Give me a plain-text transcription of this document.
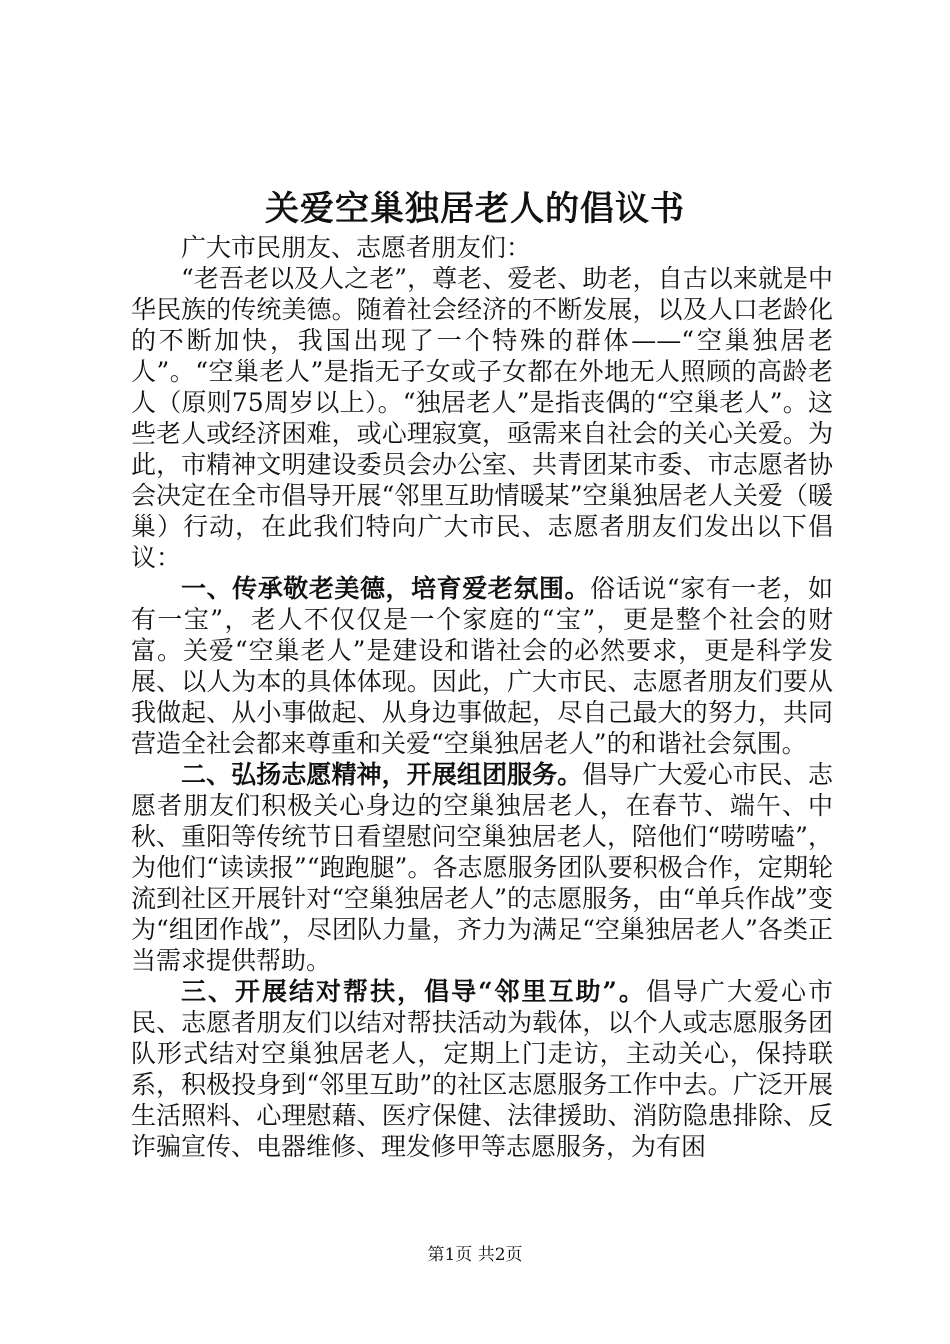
关爱空巢独居老人的倡议书

广大市民朋友、志愿者朋友们：

“老吾老以及人之老”，尊老、爱老、助老，自古以来就是中华民族的传统美德。随着社会经济的不断发展，以及人口老龄化的不断加快，我国出现了一个特殊的群体——“空巢独居老人”。“空巢老人”是指无子女或子女都在外地无人照顾的高龄老人（原则75周岁以上）。“独居老人”是指丧偶的“空巢老人”。这些老人或经济困难，或心理寂寞，亟需来自社会的关心关爱。为此，市精神文明建设委员会办公室、共青团某市委、市志愿者协会决定在全市倡导开展“邻里互助情暖某”空巢独居老人关爱（暖巢）行动，在此我们特向广大市民、志愿者朋友们发出以下倡议：

一、传承敬老美德，培育爱老氛围。俗话说“家有一老，如有一宝”，老人不仅仅是一个家庭的“宝”，更是整个社会的财富。关爱“空巢老人”是建设和谐社会的必然要求，更是科学发展、以人为本的具体体现。因此，广大市民、志愿者朋友们要从我做起、从小事做起、从身边事做起，尽自己最大的努力，共同营造全社会都来尊重和关爱“空巢独居老人”的和谐社会氛围。

二、弘扬志愿精神，开展组团服务。倡导广大爱心市民、志愿者朋友们积极关心身边的空巢独居老人，在春节、端午、中秋、重阳等传统节日看望慰问空巢独居老人，陪他们“唠唠嗑”，为他们“读读报”“跑跑腿”。各志愿服务团队要积极合作，定期轮流到社区开展针对“空巢独居老人”的志愿服务，由“单兵作战”变为“组团作战”，尽团队力量，齐力为满足“空巢独居老人”各类正当需求提供帮助。

三、开展结对帮扶，倡导“邻里互助”。倡导广大爱心市民、志愿者朋友们以结对帮扶活动为载体，以个人或志愿服务团队形式结对空巢独居老人，定期上门走访，主动关心，保持联系，积极投身到“邻里互助”的社区志愿服务工作中去。广泛开展生活照料、心理慰藉、医疗保健、法律援助、消防隐患排除、反诈骗宣传、电器维修、理发修甲等志愿服务，为有困

第1页 共2页
